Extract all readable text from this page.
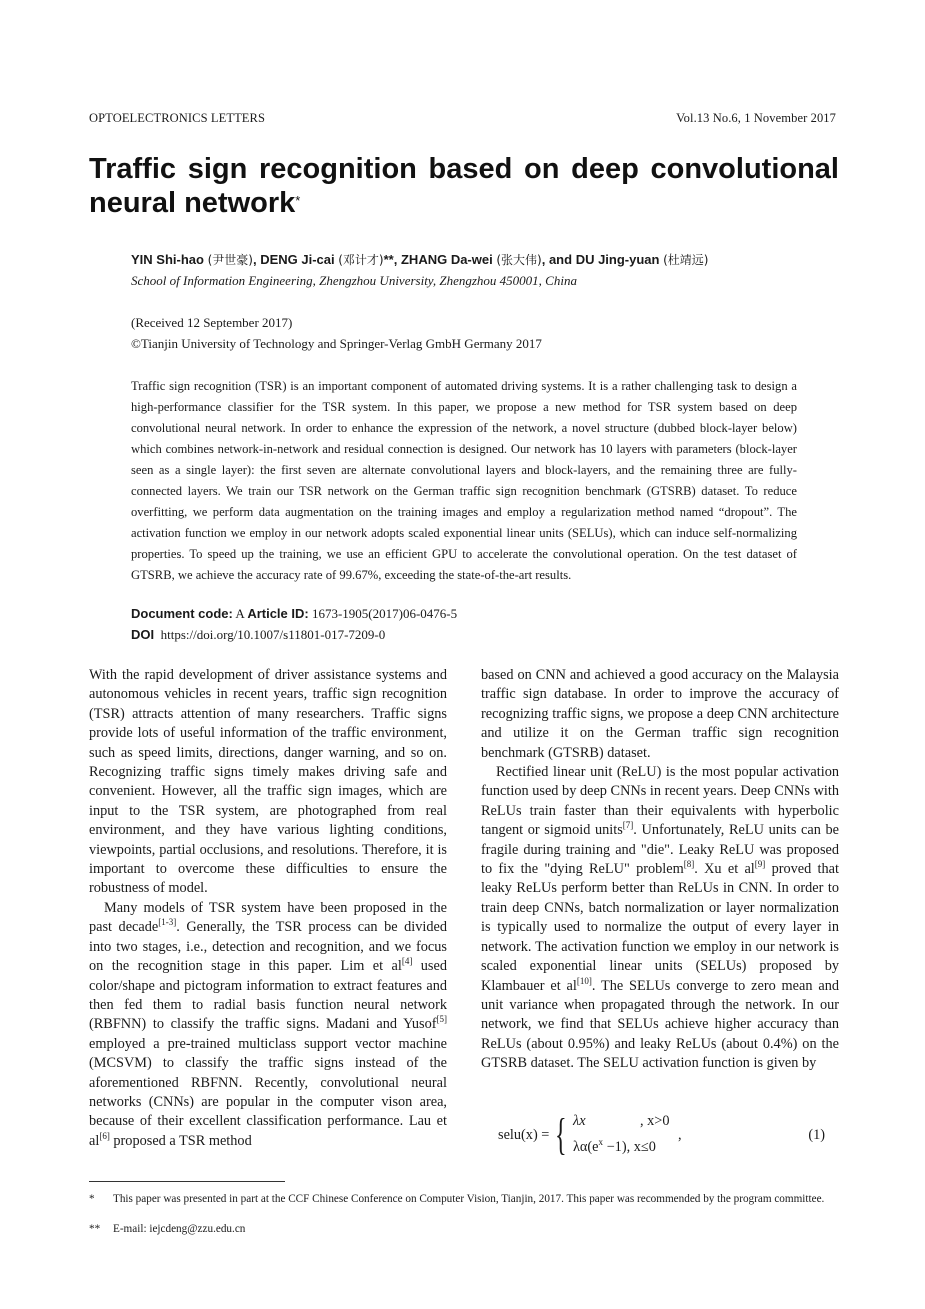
OPTOELECTRONICS LETTERS	Vol.13 No.6, 1 November 2017
Traffic sign recognition based on deep convolutional neural network*
YIN Shi-hao (尹世豪), DENG Ji-cai (邓计才)**, ZHANG Da-wei (张大伟), and DU Jing-yuan (杜靖远)
School of Information Engineering, Zhengzhou University, Zhengzhou 450001, China
(Received 12 September 2017)
©Tianjin University of Technology and Springer-Verlag GmbH Germany 2017
Traffic sign recognition (TSR) is an important component of automated driving systems. It is a rather challenging task to design a high-performance classifier for the TSR system. In this paper, we propose a new method for TSR system based on deep convolutional neural network. In order to enhance the expression of the network, a novel structure (dubbed block-layer below) which combines network-in-network and residual connection is designed. Our network has 10 layers with parameters (block-layer seen as a single layer): the first seven are alternate convolutional layers and block-layers, and the remaining three are fully-connected layers. We train our TSR network on the German traffic sign recognition benchmark (GTSRB) dataset. To reduce overfitting, we perform data augmentation on the training images and employ a regularization method named “dropout”. The activation function we employ in our network adopts scaled exponential linear units (SELUs), which can induce self-normalizing properties. To speed up the training, we use an efficient GPU to accelerate the convolutional operation. On the test dataset of GTSRB, we achieve the accuracy rate of 99.67%, exceeding the state-of-the-art results.
Document code: A Article ID: 1673-1905(2017)06-0476-5
DOI https://doi.org/10.1007/s11801-017-7209-0

With the rapid development of driver assistance systems and autonomous vehicles in recent years, traffic sign recognition (TSR) attracts attention of many researchers. Traffic signs provide lots of useful information of the traffic environment, such as speed limits, directions, danger warning, and so on. Recognizing traffic signs timely makes driving safe and convenient. However, all the traffic sign images, which are input to the TSR system, are photographed from real environment, and they have various lighting conditions, viewpoints, partial occlusions, and resolutions. Therefore, it is important to overcome these difficulties to ensure the robustness of model.

Many models of TSR system have been proposed in the past decade[1-3]. Generally, the TSR process can be divided into two stages, i.e., detection and recognition, and we focus on the recognition stage in this paper. Lim et al[4] used color/shape and pictogram information to extract features and then fed them to radial basis function neural network (RBFNN) to classify the traffic signs. Madani and Yusof[5] employed a pre-trained multiclass support vector machine (MCSVM) to classify the traffic signs instead of the aforementioned RBFNN. Recently, convolutional neural networks (CNNs) are popular in the computer vison area, because of their excellent classification performance. Lau et al[6] proposed a TSR method

based on CNN and achieved a good accuracy on the Malaysia traffic sign database. In order to improve the accuracy of recognizing traffic signs, we propose a deep CNN architecture and utilize it on the German traffic sign recognition benchmark (GTSRB) dataset.

Rectified linear unit (ReLU) is the most popular activation function used by deep CNNs in recent years. Deep CNNs with ReLUs train faster than their equivalents with hyperbolic tangent or sigmoid units[7]. Unfortunately, ReLU units can be fragile during training and "die". Leaky ReLU was proposed to fix the "dying ReLU" problem[8]. Xu et al[9] proved that leaky ReLUs perform better than ReLUs in CNN. In order to train deep CNNs, batch normalization or layer normalization is typically used to normalize the output of every layer in network. The activation function we employ in our network is scaled exponential linear units (SELUs) proposed by Klambauer et al[10]. The SELUs converge to zero mean and unit variance when propagated through the network. In our network, we find that SELUs achieve higher accuracy than ReLUs (about 0.95%) and leaky ReLUs (about 0.4%) on the GTSRB dataset. The SELU activation function is given by

selu(x) = { λx	, x>0
$\lambda\alpha(e^x -1)$, x≤0
,	(1)
* This paper was presented in part at the CCF Chinese Conference on Computer Vision, Tianjin, 2017. This paper was recommended by the program committee.
** E-mail: iejcdeng@zzu.edu.cn
